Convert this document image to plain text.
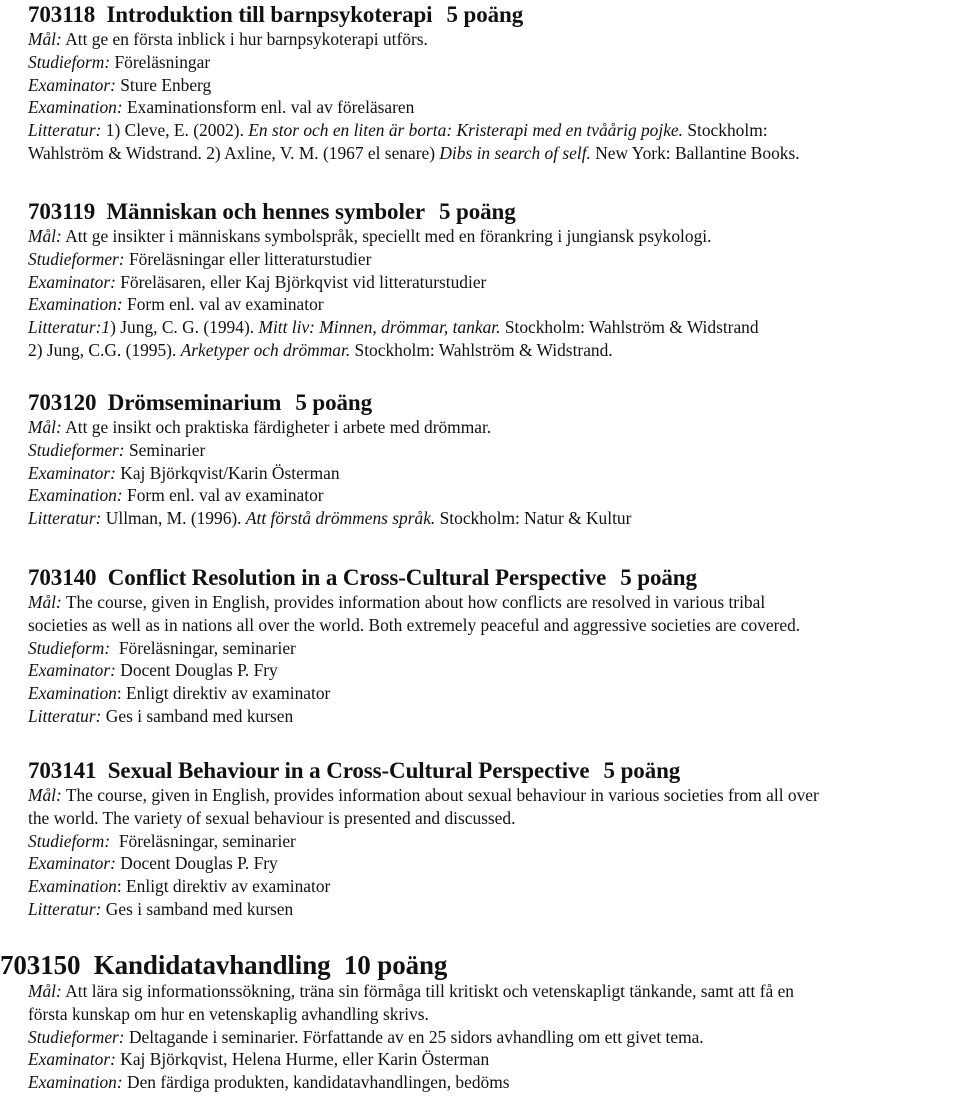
703118 Introduktion till barnpsykoterapi 5 poäng
Mål: Att ge en första inblick i hur barnpsykoterapi utförs.
Studieform: Föreläsningar
Examinator: Sture Enberg
Examination: Examinationsform enl. val av föreläsaren
Litteratur: 1) Cleve, E. (2002). En stor och en liten är borta: Kristerapi med en tvåårig pojke. Stockholm:
Wahlström & Widstrand. 2) Axline, V. M. (1967 el senare) Dibs in search of self. New York: Ballantine Books.
703119 Människan och hennes symboler 5 poäng
Mål: Att ge insikter i människans symbolspråk, speciellt med en förankring i jungiansk psykologi.
Studieformer: Föreläsningar eller litteraturstudier
Examinator: Föreläsaren, eller Kaj Björkqvist vid litteraturstudier
Examination: Form enl. val av examinator
Litteratur:1) Jung, C. G. (1994). Mitt liv: Minnen, drömmar, tankar. Stockholm: Wahlström & Widstrand
2) Jung, C.G. (1995). Arketyper och drömmar. Stockholm: Wahlström & Widstrand.
703120 Drömseminarium 5 poäng
Mål: Att ge insikt och praktiska färdigheter i arbete med drömmar.
Studieformer: Seminarier
Examinator: Kaj Björkqvist/Karin Österman
Examination: Form enl. val av examinator
Litteratur: Ullman, M. (1996). Att förstå drömmens språk. Stockholm: Natur & Kultur
703140 Conflict Resolution in a Cross-Cultural Perspective 5 poäng
Mål: The course, given in English, provides information about how conflicts are resolved in various tribal
societies as well as in nations all over the world. Both extremely peaceful and aggressive societies are covered.
Studieform: Föreläsningar, seminarier
Examinator: Docent Douglas P. Fry
Examination: Enligt direktiv av examinator
Litteratur: Ges i samband med kursen
703141 Sexual Behaviour in a Cross-Cultural Perspective 5 poäng
Mål: The course, given in English, provides information about sexual behaviour in various societies from all over
the world. The variety of sexual behaviour is presented and discussed.
Studieform: Föreläsningar, seminarier
Examinator: Docent Douglas P. Fry
Examination: Enligt direktiv av examinator
Litteratur: Ges i samband med kursen
703150 Kandidatavhandling 10 poäng
Mål: Att lära sig informationssökning, träna sin förmåga till kritiskt och vetenskapligt tänkande, samt att få en
första kunskap om hur en vetenskaplig avhandling skrivs.
Studieformer: Deltagande i seminarier. Författande av en 25 sidors avhandling om ett givet tema.
Examinator: Kaj Björkqvist, Helena Hurme, eller Karin Österman
Examination: Den färdiga produkten, kandidatavhandlingen, bedöms
